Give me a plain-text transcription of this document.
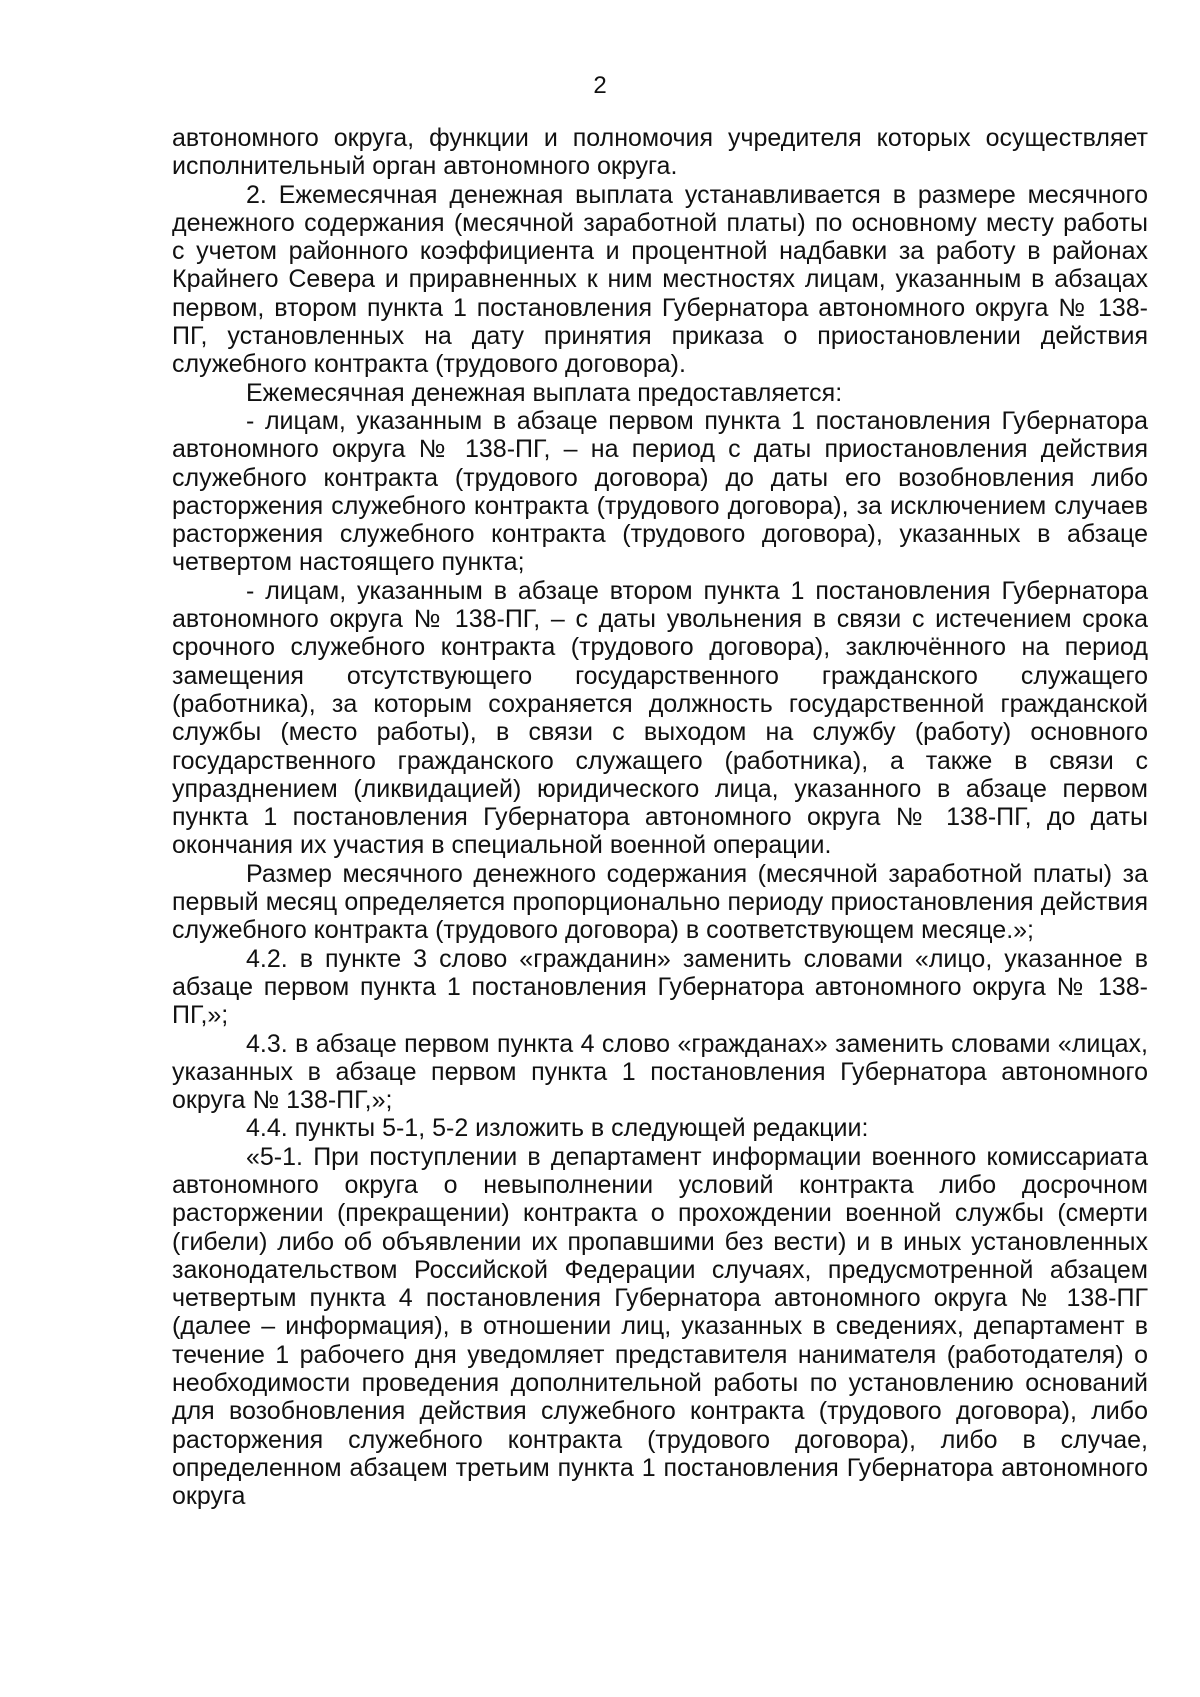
2

автономного округа, функции и полномочия учредителя которых осуществляет исполнительный орган автономного округа.

2. Ежемесячная денежная выплата устанавливается в размере месячного денежного содержания (месячной заработной платы) по основному месту работы с учетом районного коэффициента и процентной надбавки за работу в районах Крайнего Севера и приравненных к ним местностях лицам, указанным в абзацах первом, втором пункта 1 постановления Губернатора автономного округа № 138-ПГ, установленных на дату принятия приказа о приостановлении действия служебного контракта (трудового договора).

Ежемесячная денежная выплата предоставляется:

- лицам, указанным в абзаце первом пункта 1 постановления Губернатора автономного округа № 138-ПГ, – на период с даты приостановления действия служебного контракта (трудового договора) до даты его возобновления либо расторжения служебного контракта (трудового договора), за исключением случаев расторжения служебного контракта (трудового договора), указанных в абзаце четвертом настоящего пункта;

- лицам, указанным в абзаце втором пункта 1 постановления Губернатора автономного округа № 138-ПГ, – с даты увольнения в связи с истечением срока срочного служебного контракта (трудового договора), заключённого на период замещения отсутствующего государственного гражданского служащего (работника), за которым сохраняется должность государственной гражданской службы (место работы), в связи с выходом на службу (работу) основного государственного гражданского служащего (работника), а также в связи с упразднением (ликвидацией) юридического лица, указанного в абзаце первом пункта 1 постановления Губернатора автономного округа № 138-ПГ, до даты окончания их участия в специальной военной операции.

Размер месячного денежного содержания (месячной заработной платы) за первый месяц определяется пропорционально периоду приостановления действия служебного контракта (трудового договора) в соответствующем месяце.»;

4.2. в пункте 3 слово «гражданин» заменить словами «лицо, указанное в абзаце первом пункта 1 постановления Губернатора автономного округа № 138-ПГ,»;

4.3. в абзаце первом пункта 4 слово «гражданах» заменить словами «лицах, указанных в абзаце первом пункта 1 постановления Губернатора автономного округа № 138-ПГ,»;

4.4. пункты 5-1, 5-2 изложить в следующей редакции:

«5-1. При поступлении в департамент информации военного комиссариата автономного округа о невыполнении условий контракта либо досрочном расторжении (прекращении) контракта о прохождении военной службы (смерти (гибели) либо об объявлении их пропавшими без вести) и в иных установленных законодательством Российской Федерации случаях, предусмотренной абзацем четвертым пункта 4 постановления Губернатора автономного округа № 138-ПГ (далее – информация), в отношении лиц, указанных в сведениях, департамент в течение 1 рабочего дня уведомляет представителя нанимателя (работодателя) о необходимости проведения дополнительной работы по установлению оснований для возобновления действия служебного контракта (трудового договора), либо расторжения служебного контракта (трудового договора), либо в случае, определенном абзацем третьим пункта 1 постановления Губернатора автономного округа
